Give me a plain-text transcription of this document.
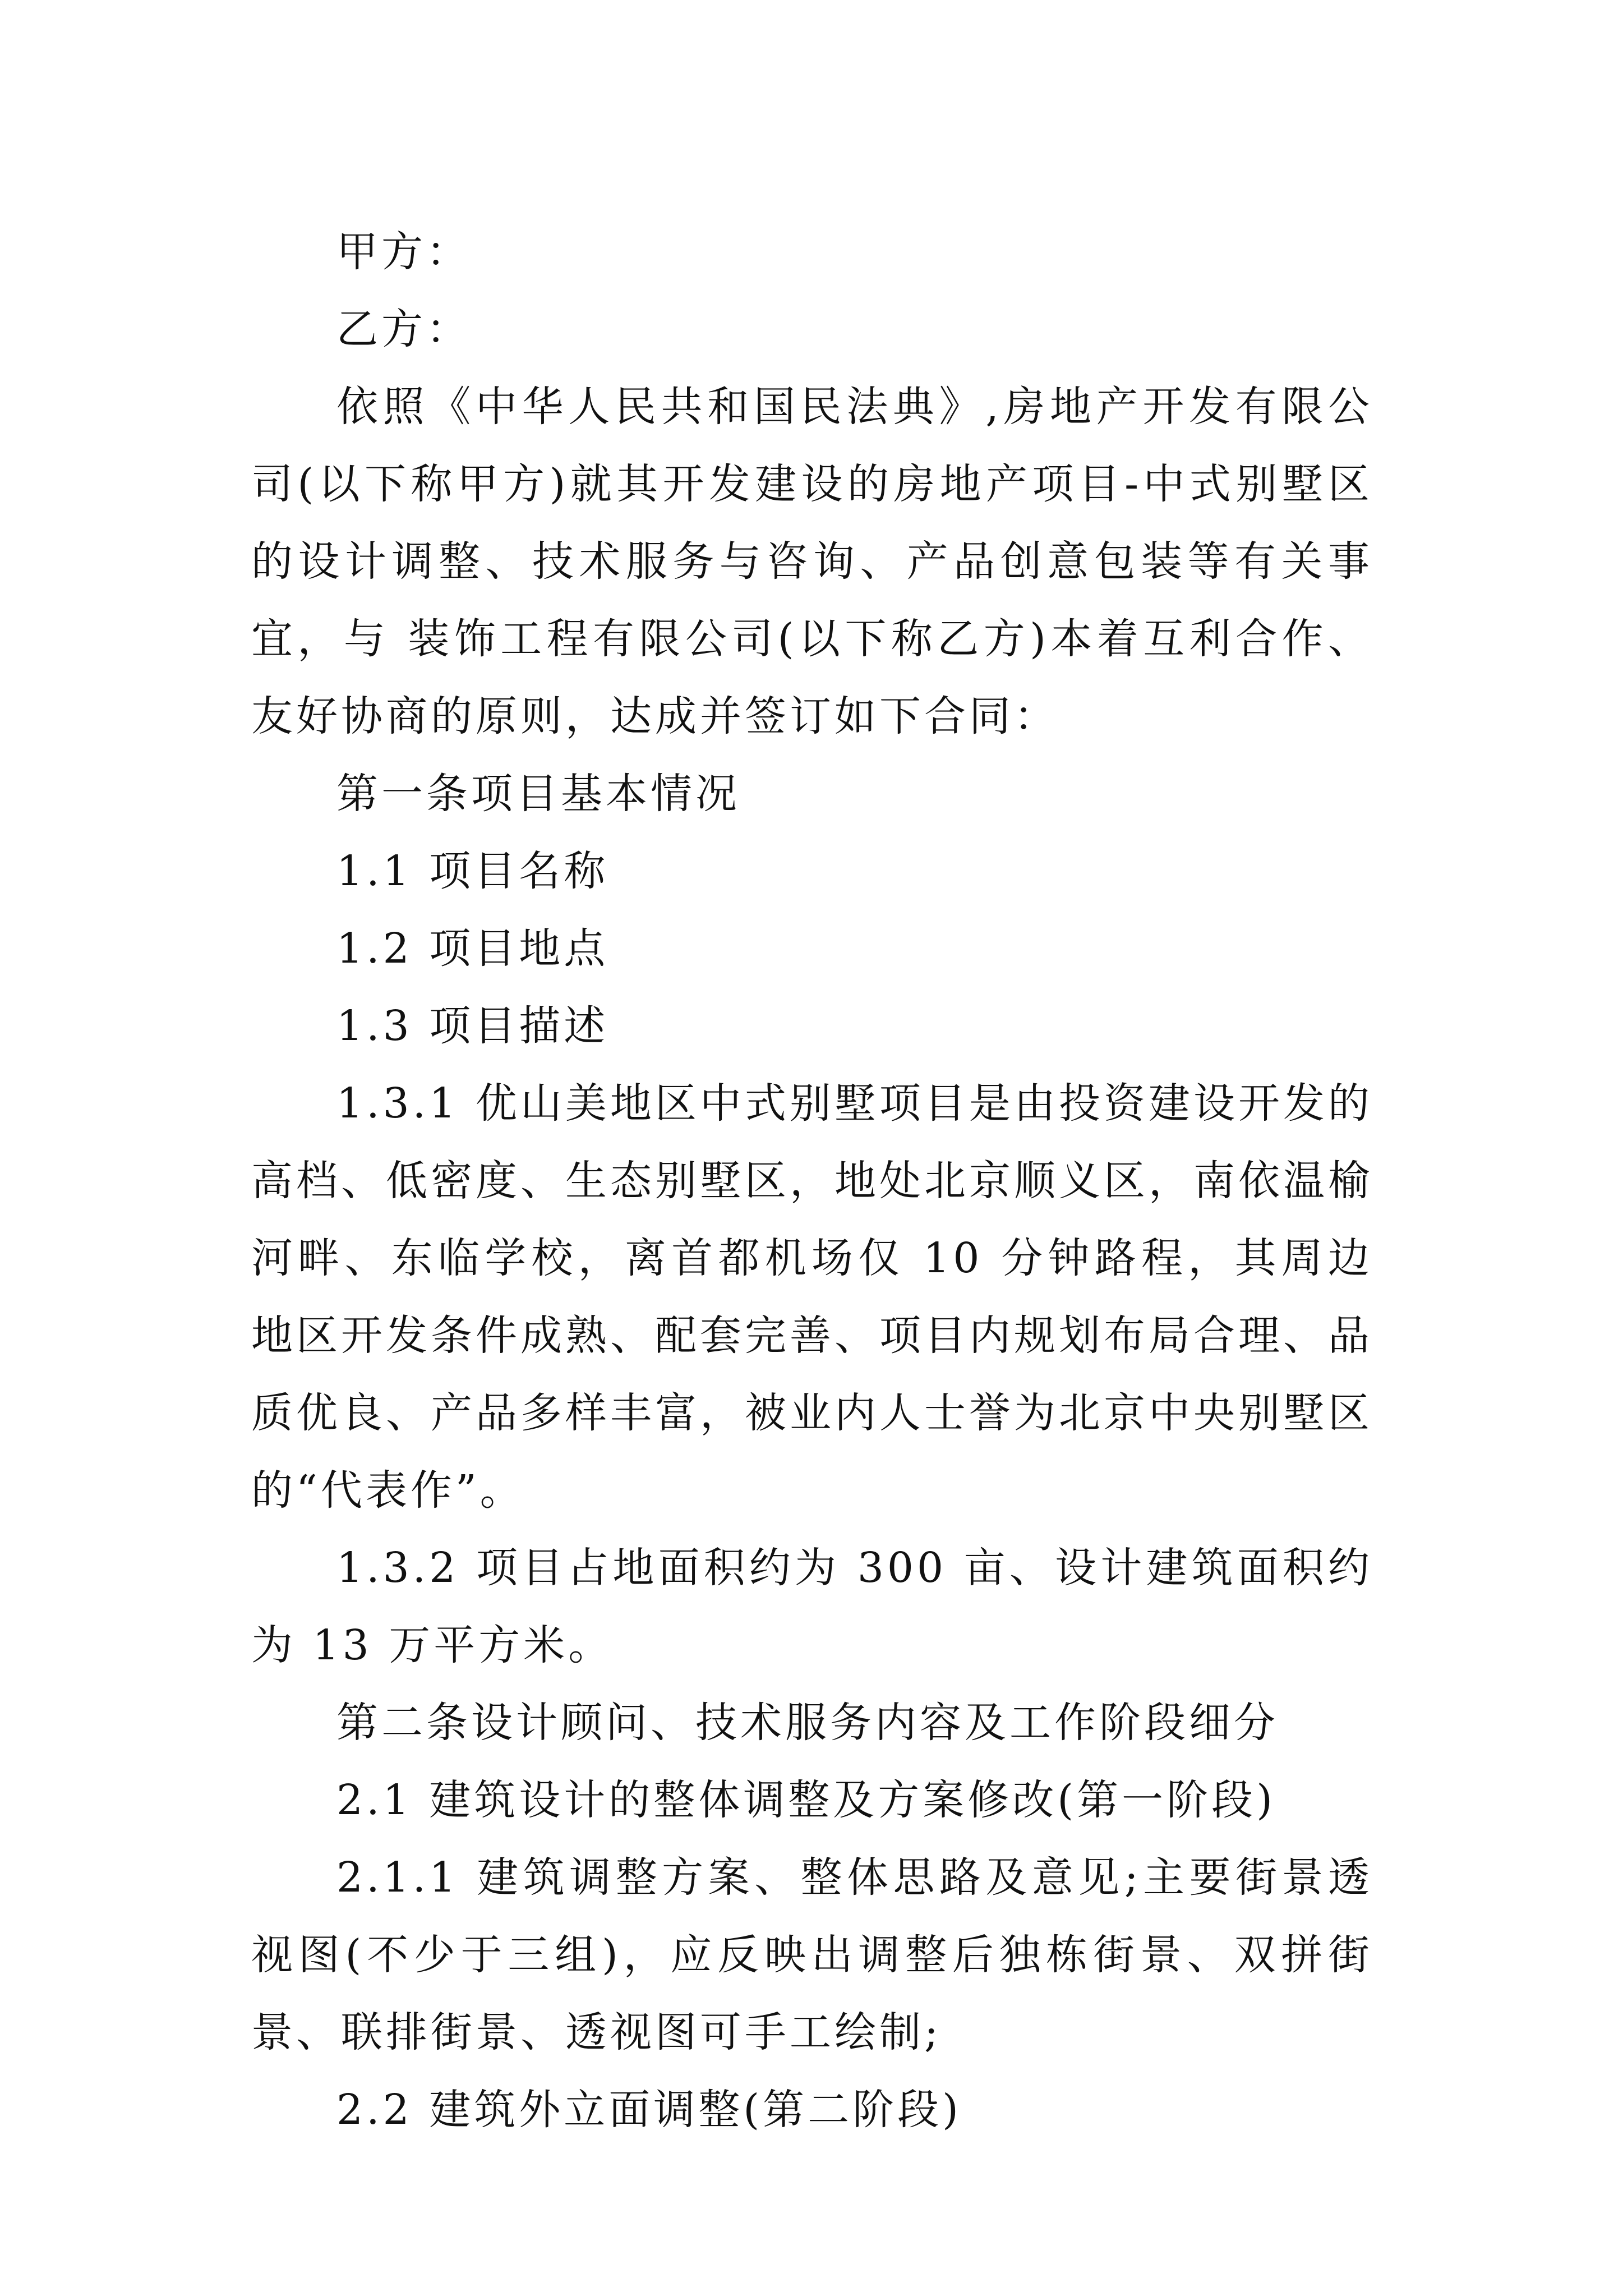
甲方：

乙方：

依照《中华人民共和国民法典》,房地产开发有限公司(以下称甲方)就其开发建设的房地产项目-中式别墅区的设计调整、技术服务与咨询、产品创意包装等有关事宜，与 装饰工程有限公司(以下称乙方)本着互利合作、友好协商的原则，达成并签订如下合同：

第一条项目基本情况

1.1 项目名称

1.2 项目地点

1.3 项目描述

1.3.1 优山美地区中式别墅项目是由投资建设开发的高档、低密度、生态别墅区，地处北京顺义区，南依温榆河畔、东临学校，离首都机场仅 10 分钟路程，其周边地区开发条件成熟、配套完善、项目内规划布局合理、品质优良、产品多样丰富，被业内人士誉为北京中央别墅区的“代表作”。

1.3.2 项目占地面积约为 300 亩、设计建筑面积约为 13 万平方米。

第二条设计顾问、技术服务内容及工作阶段细分

2.1 建筑设计的整体调整及方案修改(第一阶段)

2.1.1 建筑调整方案、整体思路及意见;主要街景透视图(不少于三组)，应反映出调整后独栋街景、双拼街景、联排街景、透视图可手工绘制;

2.2 建筑外立面调整(第二阶段)
